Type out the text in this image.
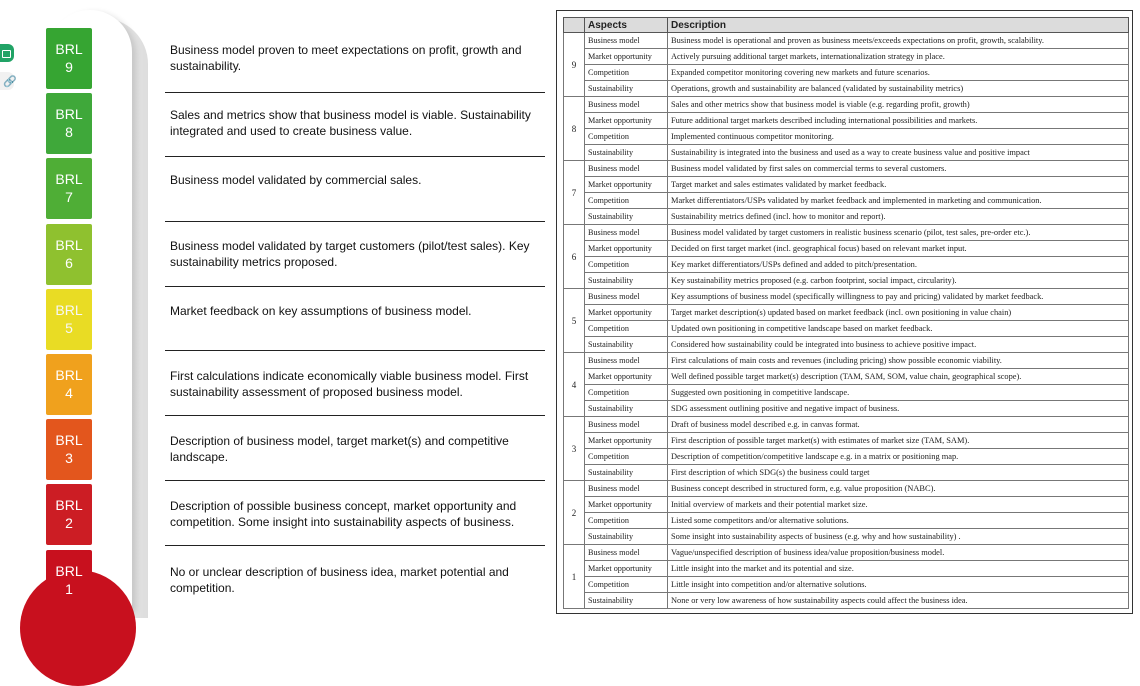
🔗
BRL
9
BRL
8
BRL
7
BRL
6
BRL
5
BRL
4
BRL
3
BRL
2
BRL
1
Business model proven to meet expectations on profit, growth and sustainability.
Sales and metrics show that business model is viable. Sustainability integrated and used to create business value.
Business model validated by commercial sales.
Business model validated by target customers (pilot/test sales). Key sustainability metrics proposed.
Market feedback on key assumptions of business model.
First calculations indicate economically viable business model. First sustainability assessment of proposed business model.
Description of business model, target market(s) and competitive landscape.
Description of possible business concept, market opportunity and competition. Some insight into sustainability aspects of business.
No or unclear description of business idea, market potential and competition.
	Aspects	Description
9	Business model	Business model is operational and proven as business meets/exceeds expectations on profit, growth, scalability.
	Market opportunity	Actively pursuing additional target markets, internationalization strategy in place.
	Competition	Expanded competitor monitoring covering new markets and future scenarios.
	Sustainability	Operations, growth and sustainability are balanced (validated by sustainability metrics)
8	Business model	Sales and other metrics show that business model is viable (e.g. regarding profit, growth)
	Market opportunity	Future additional target markets described including international possibilities and markets.
	Competition	Implemented continuous competitor monitoring.
	Sustainability	Sustainability is integrated into the business and used as a way to create business value and positive impact
7	Business model	Business model validated by first sales on commercial terms to several customers.
	Market opportunity	Target market and sales estimates validated by market feedback.
	Competition	Market differentiators/USPs validated by market feedback and implemented in marketing and communication.
	Sustainability	Sustainability metrics defined (incl. how to monitor and report).
6	Business model	Business model validated by target customers in realistic business scenario (pilot, test sales, pre-order etc.).
	Market opportunity	Decided on first target market (incl. geographical focus) based on relevant market input.
	Competition	Key market differentiators/USPs defined and added to pitch/presentation.
	Sustainability	Key sustainability metrics proposed (e.g. carbon footprint, social impact, circularity).
5	Business model	Key assumptions of business model (specifically willingness to pay and pricing) validated by market feedback.
	Market opportunity	Target market description(s) updated based on market feedback (incl. own positioning in value chain)
	Competition	Updated own positioning in competitive landscape based on market feedback.
	Sustainability	Considered how sustainability could be integrated into business to achieve positive impact.
4	Business model	First calculations of main costs and revenues (including pricing) show possible economic viability.
	Market opportunity	Well defined possible target market(s) description (TAM, SAM, SOM, value chain, geographical scope).
	Competition	Suggested own positioning in competitive landscape.
	Sustainability	SDG assessment outlining positive and negative impact of business.
3	Business model	Draft of business model described e.g. in canvas format.
	Market opportunity	First description of possible target market(s) with estimates of market size (TAM, SAM).
	Competition	Description of competition/competitive landscape e.g. in a matrix or positioning map.
	Sustainability	First description of which SDG(s) the business could target
2	Business model	Business concept described in structured form, e.g. value proposition (NABC).
	Market opportunity	Initial overview of markets and their potential market size.
	Competition	Listed some competitors and/or alternative solutions.
	Sustainability	Some insight into sustainability aspects of business (e.g. why and how sustainability) .
1	Business model	Vague/unspecified description of business idea/value proposition/business model.
	Market opportunity	Little insight into the market and its potential and size.
	Competition	Little insight into competition and/or alternative solutions.
	Sustainability	None or very low awareness of how sustainability aspects could affect the business idea.
